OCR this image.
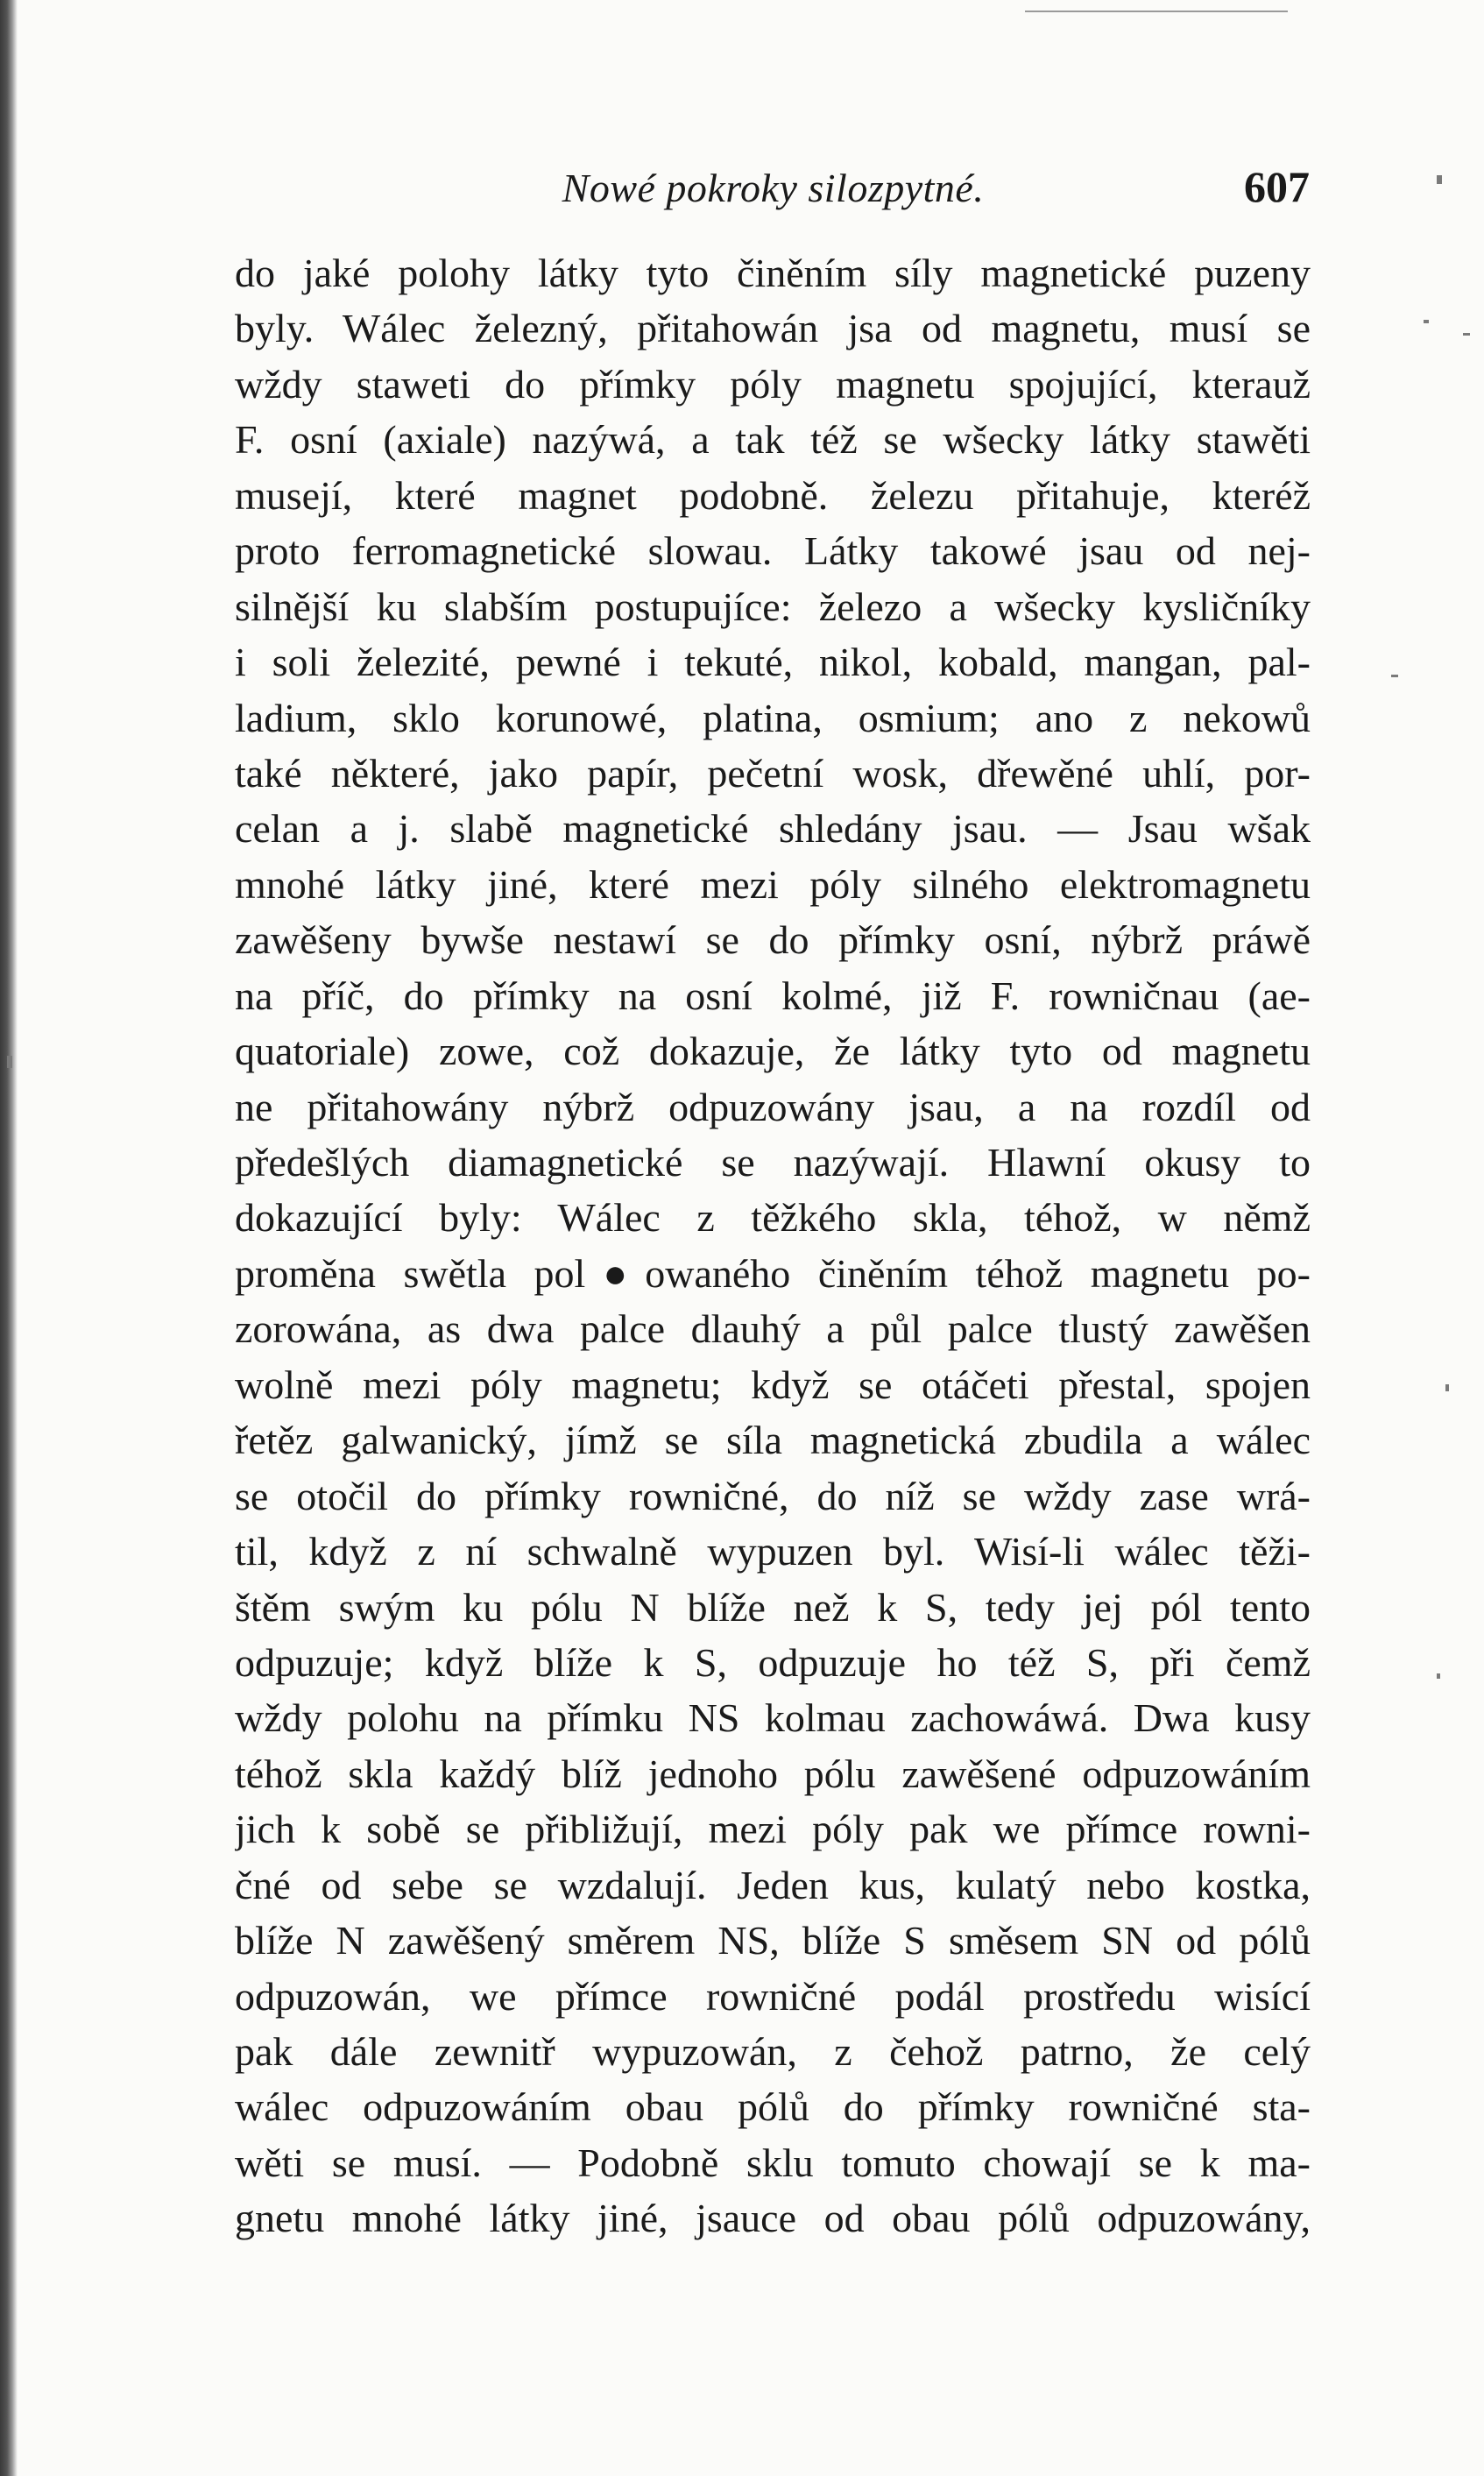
Nowé pokroky silozpytné.	607
do jaké polohy látky tyto činěním síly magnetické puzeny
byly. Wálec železný, přitahowán jsa od magnetu, musí se
wždy staweti do přímky póly magnetu spojující, kterauž
F. osní (axiale) nazýwá, a tak též se wšecky látky stawěti
musejí, které magnet podobně. železu přitahuje, kteréž
proto ferromagnetické slowau. Látky takowé jsau od nej-
silnější ku slabším postupujíce: železo a wšecky kysličníky
i soli železité, pewné i tekuté, nikol, kobald, mangan, pal-
ladium, sklo korunowé, platina, osmium; ano z nekowů
také některé, jako papír, pečetní wosk, dřewěné uhlí, por-
celan a j. slabě magnetické shledány jsau. — Jsau wšak
mnohé látky jiné, které mezi póly silného elektromagnetu
zawěšeny bywše nestawí se do přímky osní, nýbrž práwě
na příč, do přímky na osní kolmé, již F. rowničnau (ae-
quatoriale) zowe, což dokazuje, že látky tyto od magnetu
ne přitahowány nýbrž odpuzowány jsau, a na rozdíl od
předešlých diamagnetické se nazýwají. Hlawní okusy to
dokazující byly: Wálec z těžkého skla, téhož, w němž
proměna swětla pol●owaného činěním téhož magnetu po-
zorowána, as dwa palce dlauhý a půl palce tlustý zawěšen
wolně mezi póly magnetu; když se otáčeti přestal, spojen
řetěz galwanický, jímž se síla magnetická zbudila a wálec
se otočil do přímky rowničné, do níž se wždy zase wrá-
til, když z ní schwalně wypuzen byl. Wisí-li wálec těži-
štěm swým ku pólu N blíže než k S, tedy jej pól tento
odpuzuje; když blíže k S, odpuzuje ho též S, při čemž
wždy polohu na přímku NS kolmau zachowáwá. Dwa kusy
téhož skla každý blíž jednoho pólu zawěšené odpuzowáním
jich k sobě se přibližují, mezi póly pak we přímce rowni-
čné od sebe se wzdalují. Jeden kus, kulatý nebo kostka,
blíže N zawěšený směrem NS, blíže S směsem SN od pólů
odpuzowán, we přímce rowničné podál prostředu wisící
pak dále zewnitř wypuzowán, z čehož patrno, že celý
wálec odpuzowáním obau pólů do přímky rowničné sta-
wěti se musí. — Podobně sklu tomuto chowají se k ma-
gnetu mnohé látky jiné, jsauce od obau pólů odpuzowány,
